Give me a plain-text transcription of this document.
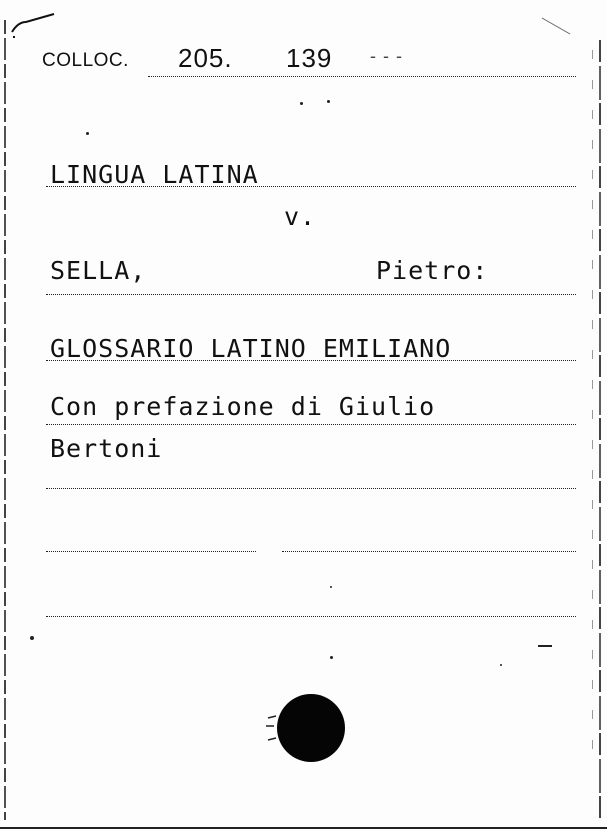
COLLOC. 205. 139 - - -
LINGUA LATINA
v.
SELLA,	Pietro:
GLOSSARIO LATINO EMILIANO
Con prefazione di Giulio
Bertoni
